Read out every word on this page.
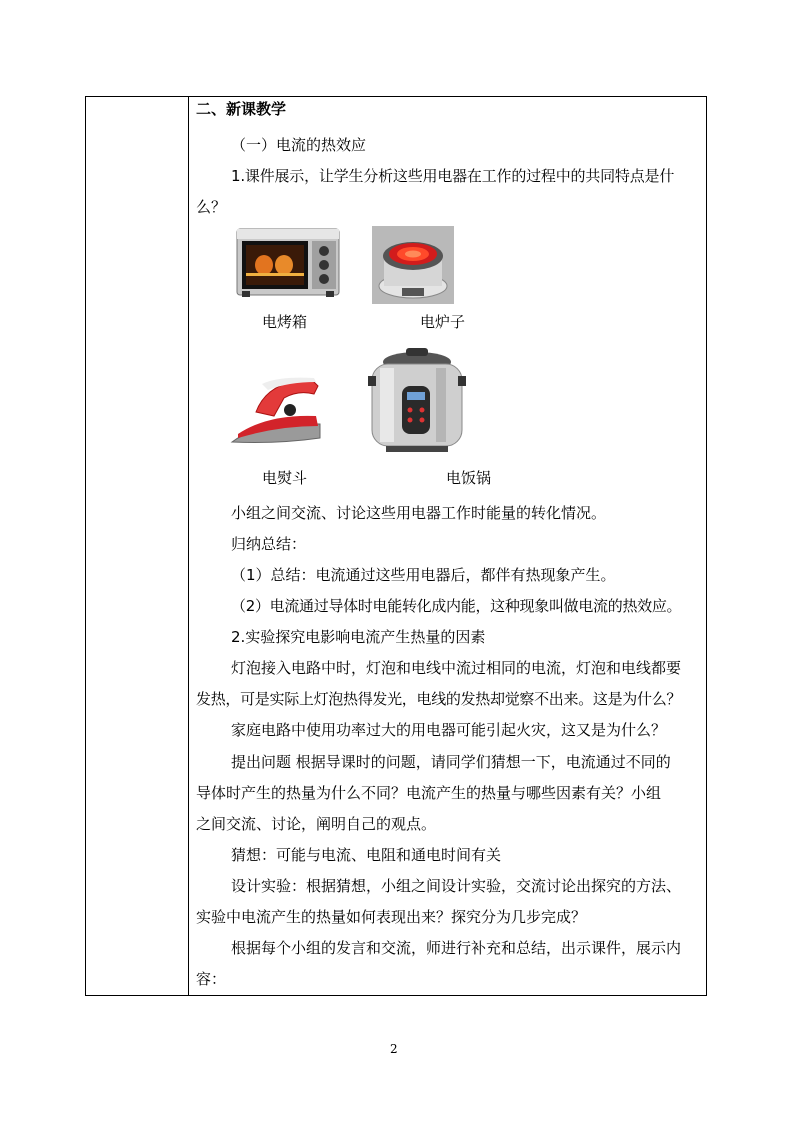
二、新课教学
（一）电流的热效应
1.课件展示，让学生分析这些用电器在工作的过程中的共同特点是什
么？
电烤箱	电炉子
电熨斗	电饭锅
小组之间交流、讨论这些用电器工作时能量的转化情况。
归纳总结：
（1）总结：电流通过这些用电器后，都伴有热现象产生。
（2）电流通过导体时电能转化成内能，这种现象叫做电流的热效应。
2.实验探究电影响电流产生热量的因素
灯泡接入电路中时，灯泡和电线中流过相同的电流，灯泡和电线都要
发热，可是实际上灯泡热得发光，电线的发热却觉察不出来。这是为什么？
家庭电路中使用功率过大的用电器可能引起火灾，这又是为什么？
提出问题 根据导课时的问题，请同学们猜想一下，电流通过不同的
导体时产生的热量为什么不同？电流产生的热量与哪些因素有关？小组
之间交流、讨论，阐明自己的观点。
猜想：可能与电流、电阻和通电时间有关
设计实验：根据猜想，小组之间设计实验，交流讨论出探究的方法、
实验中电流产生的热量如何表现出来？探究分为几步完成？
根据每个小组的发言和交流，师进行补充和总结，出示课件，展示内
容：
2
